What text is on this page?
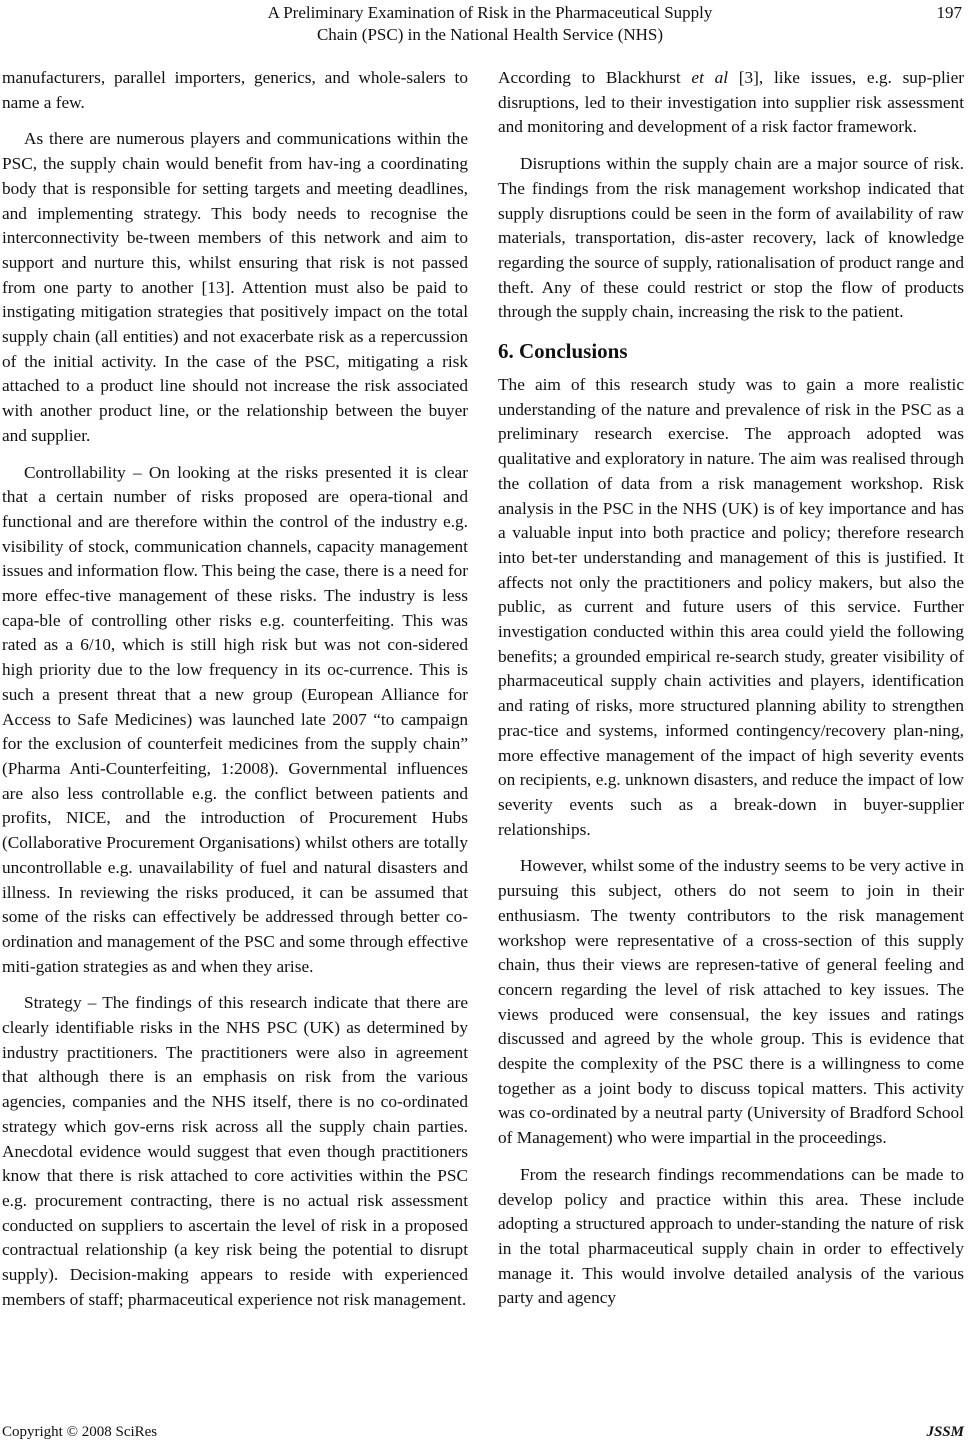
A Preliminary Examination of Risk in the Pharmaceutical Supply
Chain (PSC) in the National Health Service (NHS)
197

manufacturers, parallel importers, generics, and whole-salers to name a few.

As there are numerous players and communications within the PSC, the supply chain would benefit from hav-ing a coordinating body that is responsible for setting targets and meeting deadlines, and implementing strategy. This body needs to recognise the interconnectivity be-tween members of this network and aim to support and nurture this, whilst ensuring that risk is not passed from one party to another [13]. Attention must also be paid to instigating mitigation strategies that positively impact on the total supply chain (all entities) and not exacerbate risk as a repercussion of the initial activity. In the case of the PSC, mitigating a risk attached to a product line should not increase the risk associated with another product line, or the relationship between the buyer and supplier.

Controllability – On looking at the risks presented it is clear that a certain number of risks proposed are opera-tional and functional and are therefore within the control of the industry e.g. visibility of stock, communication channels, capacity management issues and information flow. This being the case, there is a need for more effec-tive management of these risks. The industry is less capa-ble of controlling other risks e.g. counterfeiting. This was rated as a 6/10, which is still high risk but was not con-sidered high priority due to the low frequency in its oc-currence. This is such a present threat that a new group (European Alliance for Access to Safe Medicines) was launched late 2007 “to campaign for the exclusion of counterfeit medicines from the supply chain” (Pharma Anti-Counterfeiting, 1:2008). Governmental influences are also less controllable e.g. the conflict between patients and profits, NICE, and the introduction of Procurement Hubs (Collaborative Procurement Organisations) whilst others are totally uncontrollable e.g. unavailability of fuel and natural disasters and illness. In reviewing the risks produced, it can be assumed that some of the risks can effectively be addressed through better co-ordination and management of the PSC and some through effective miti-gation strategies as and when they arise.

Strategy – The findings of this research indicate that there are clearly identifiable risks in the NHS PSC (UK) as determined by industry practitioners. The practitioners were also in agreement that although there is an emphasis on risk from the various agencies, companies and the NHS itself, there is no co-ordinated strategy which gov-erns risk across all the supply chain parties. Anecdotal evidence would suggest that even though practitioners know that there is risk attached to core activities within the PSC e.g. procurement contracting, there is no actual risk assessment conducted on suppliers to ascertain the level of risk in a proposed contractual relationship (a key risk being the potential to disrupt supply). Decision-making appears to reside with experienced members of staff; pharmaceutical experience not risk management.

According to Blackhurst et al [3], like issues, e.g. sup-plier disruptions, led to their investigation into supplier risk assessment and monitoring and development of a risk factor framework.

Disruptions within the supply chain are a major source of risk. The findings from the risk management workshop indicated that supply disruptions could be seen in the form of availability of raw materials, transportation, dis-aster recovery, lack of knowledge regarding the source of supply, rationalisation of product range and theft. Any of these could restrict or stop the flow of products through the supply chain, increasing the risk to the patient.

6. Conclusions

The aim of this research study was to gain a more realistic understanding of the nature and prevalence of risk in the PSC as a preliminary research exercise. The approach adopted was qualitative and exploratory in nature. The aim was realised through the collation of data from a risk management workshop. Risk analysis in the PSC in the NHS (UK) is of key importance and has a valuable input into both practice and policy; therefore research into bet-ter understanding and management of this is justified. It affects not only the practitioners and policy makers, but also the public, as current and future users of this service. Further investigation conducted within this area could yield the following benefits; a grounded empirical re-search study, greater visibility of pharmaceutical supply chain activities and players, identification and rating of risks, more structured planning ability to strengthen prac-tice and systems, informed contingency/recovery plan-ning, more effective management of the impact of high severity events on recipients, e.g. unknown disasters, and reduce the impact of low severity events such as a break-down in buyer-supplier relationships.

However, whilst some of the industry seems to be very active in pursuing this subject, others do not seem to join in their enthusiasm. The twenty contributors to the risk management workshop were representative of a cross-section of this supply chain, thus their views are represen-tative of general feeling and concern regarding the level of risk attached to key issues. The views produced were consensual, the key issues and ratings discussed and agreed by the whole group. This is evidence that despite the complexity of the PSC there is a willingness to come together as a joint body to discuss topical matters. This activity was co-ordinated by a neutral party (University of Bradford School of Management) who were impartial in the proceedings.

From the research findings recommendations can be made to develop policy and practice within this area. These include adopting a structured approach to under-standing the nature of risk in the total pharmaceutical supply chain in order to effectively manage it. This would involve detailed analysis of the various party and agency

Copyright © 2008 SciRes	JSSM
